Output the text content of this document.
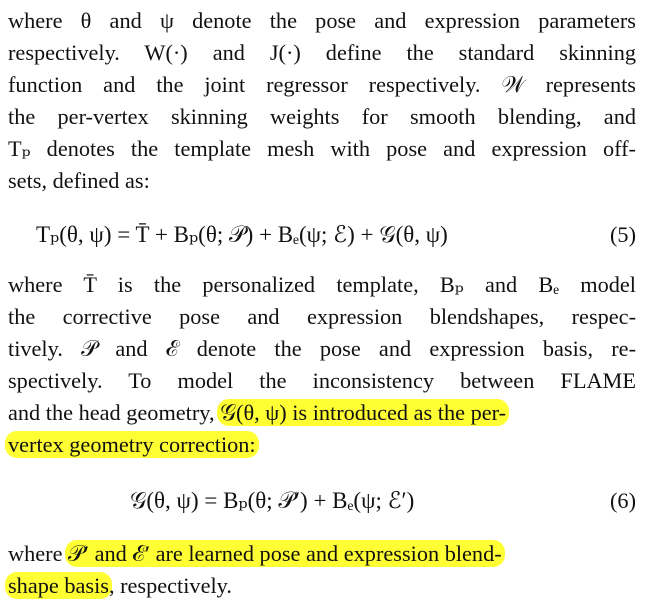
where θ and ψ denote the pose and expression parameters
respectively. W(·) and J(·) define the standard skinning
function and the joint regressor respectively. 𝒲 represents
the per-vertex skinning weights for smooth blending, and
Tₚ denotes the template mesh with pose and expression off-
sets, defined as:
Tₚ(θ, ψ) = T̄ + Bₚ(θ; 𝒫) + Bₑ(ψ; ℰ) + 𝒢(θ, ψ)	(5)
where T̄ is the personalized template, Bₚ and Bₑ model
the corrective pose and expression blendshapes, respec-
tively. 𝒫 and ℰ denote the pose and expression basis, re-
spectively. To model the inconsistency between FLAME
and the head geometry, 𝒢(θ, ψ) is introduced as the per-
vertex geometry correction:
𝒢(θ, ψ) = Bₚ(θ; 𝒫′) + Bₑ(ψ; ℰ′)	(6)
where 𝒫′ and ℰ′ are learned pose and expression blend-
shape basis, respectively.
